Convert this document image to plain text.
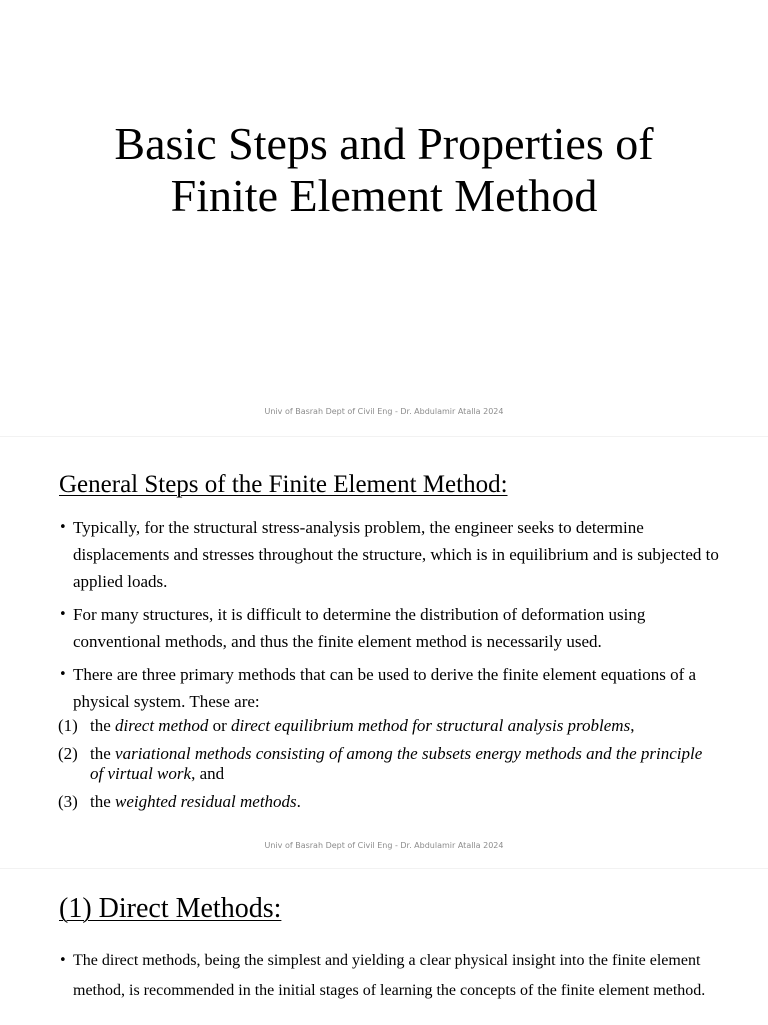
Basic Steps and Properties of
Finite Element Method
Univ of Basrah Dept of Civil Eng - Dr. Abdulamir Atalla 2024
General Steps of the Finite Element Method:
• Typically, for the structural stress-analysis problem, the engineer seeks to determine displacements and stresses throughout the structure, which is in equilibrium and is subjected to applied loads.
• For many structures, it is difficult to determine the distribution of deformation using conventional methods, and thus the finite element method is necessarily used.
• There are three primary methods that can be used to derive the finite element equations of a physical system. These are:
(1) the direct method or direct equilibrium method for structural analysis problems,
(2) the variational methods consisting of among the subsets energy methods and the principle of virtual work, and
(3) the weighted residual methods.
Univ of Basrah Dept of Civil Eng - Dr. Abdulamir Atalla 2024
(1) Direct Methods:
• The direct methods, being the simplest and yielding a clear physical insight into the finite element method, is recommended in the initial stages of learning the concepts of the finite element method.
